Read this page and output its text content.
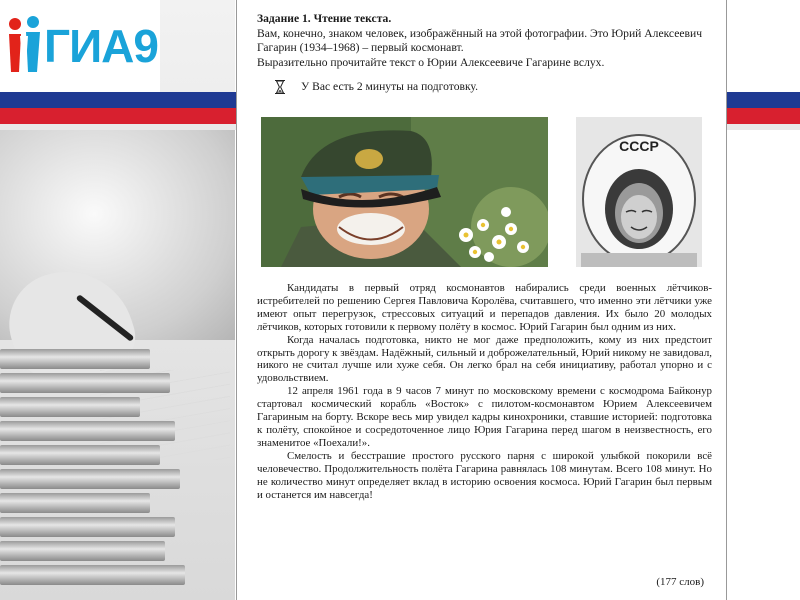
ГИА9
Задание 1. Чтение текста.
Вам, конечно, знаком человек, изображённый на этой фотографии. Это Юрий Алексеевич Гагарин (1934–1968) – первый космонавт.
Выразительно прочитайте текст о Юрии Алексеевиче Гагарине вслух.
У Вас есть 2 минуты на подготовку.
СССР

Кандидаты в первый отряд космонавтов набирались среди военных лётчиков-истребителей по решению Сергея Павловича Королёва, считавшего, что именно эти лётчики уже имеют опыт перегрузок, стрессовых ситуаций и перепадов давления. Их было 20 молодых лётчиков, которых готовили к первому полёту в космос. Юрий Гагарин был одним из них.

Когда началась подготовка, никто не мог даже предположить, кому из них предстоит открыть дорогу к звёздам. Надёжный, сильный и доброжелательный, Юрий никому не завидовал, никого не считал лучше или хуже себя. Он легко брал на себя инициативу, работал упорно и с удовольствием.

12 апреля 1961 года в 9 часов 7 минут по московскому времени с космодрома Байконур стартовал космический корабль «Восток» с пилотом-космонавтом Юрием Алексеевичем Гагариным на борту. Вскоре весь мир увидел кадры кинохроники, ставшие историей: подготовка к полёту, спокойное и сосредоточенное лицо Юрия Гагарина перед шагом в неизвестность, его знаменитое «Поехали!».

Смелость и бесстрашие простого русского парня с широкой улыбкой покорили всё человечество. Продолжительность полёта Гагарина равнялась 108 минутам. Всего 108 минут. Но не количество минут определяет вклад в историю освоения космоса. Юрий Гагарин был первым и останется им навсегда!

(177 слов)
